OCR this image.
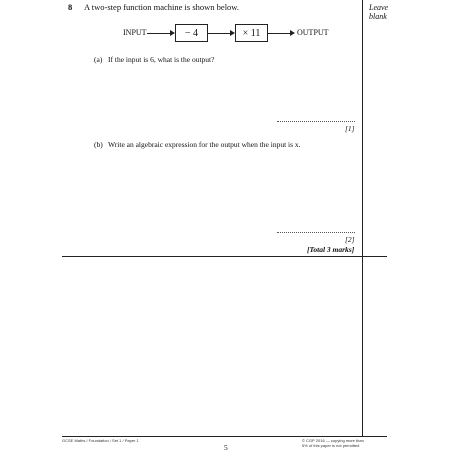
Leave
blank
8 A two-step function machine is shown below.
INPUT	− 4	× 11	OUTPUT
(a) If the input is 6, what is the output?
[1]
(b) Write an algebraic expression for the output when the input is x.
[2]
[Total 3 marks]
GCSE Maths / Foundation / Set 1 / Paper 1
5
© CGP 2016 — copying more than
5% of this paper is not permitted
